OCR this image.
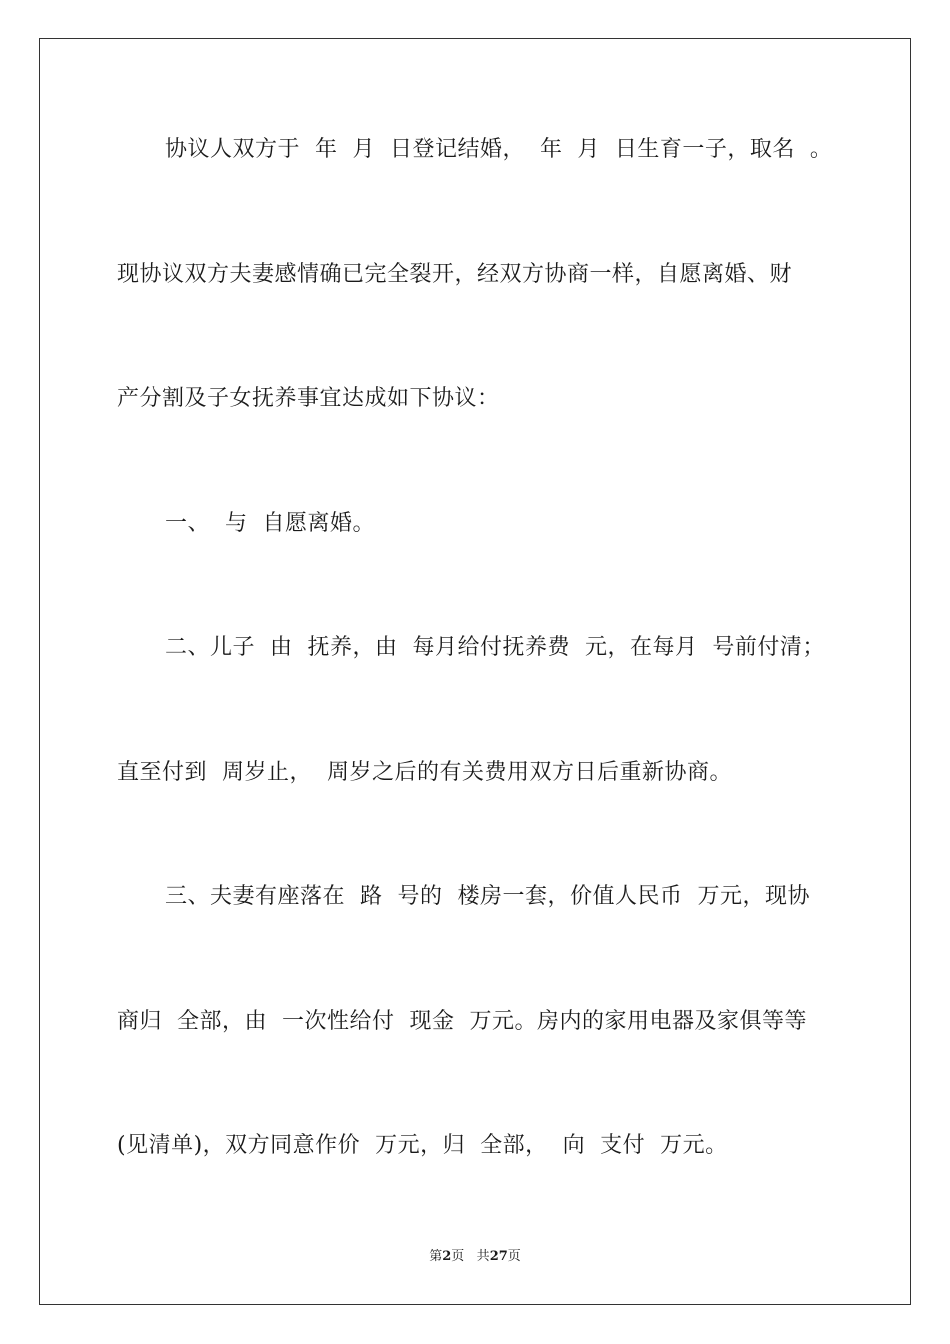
协议人双方于  年  月  日登记结婚，  年  月  日生育一子，取名  。
现协议双方夫妻感情确已完全裂开，经双方协商一样，自愿离婚、财
产分割及子女抚养事宜达成如下协议：
一、  与  自愿离婚。
二、儿子  由  抚养，由  每月给付抚养费  元，在每月  号前付清；
直至付到  周岁止，  周岁之后的有关费用双方日后重新协商。
三、夫妻有座落在  路  号的  楼房一套，价值人民币  万元，现协
商归  全部，由  一次性给付  现金  万元。房内的家用电器及家俱等等
(见清单)，双方同意作价  万元，归  全部，  向  支付  万元。
第2页 共27页
